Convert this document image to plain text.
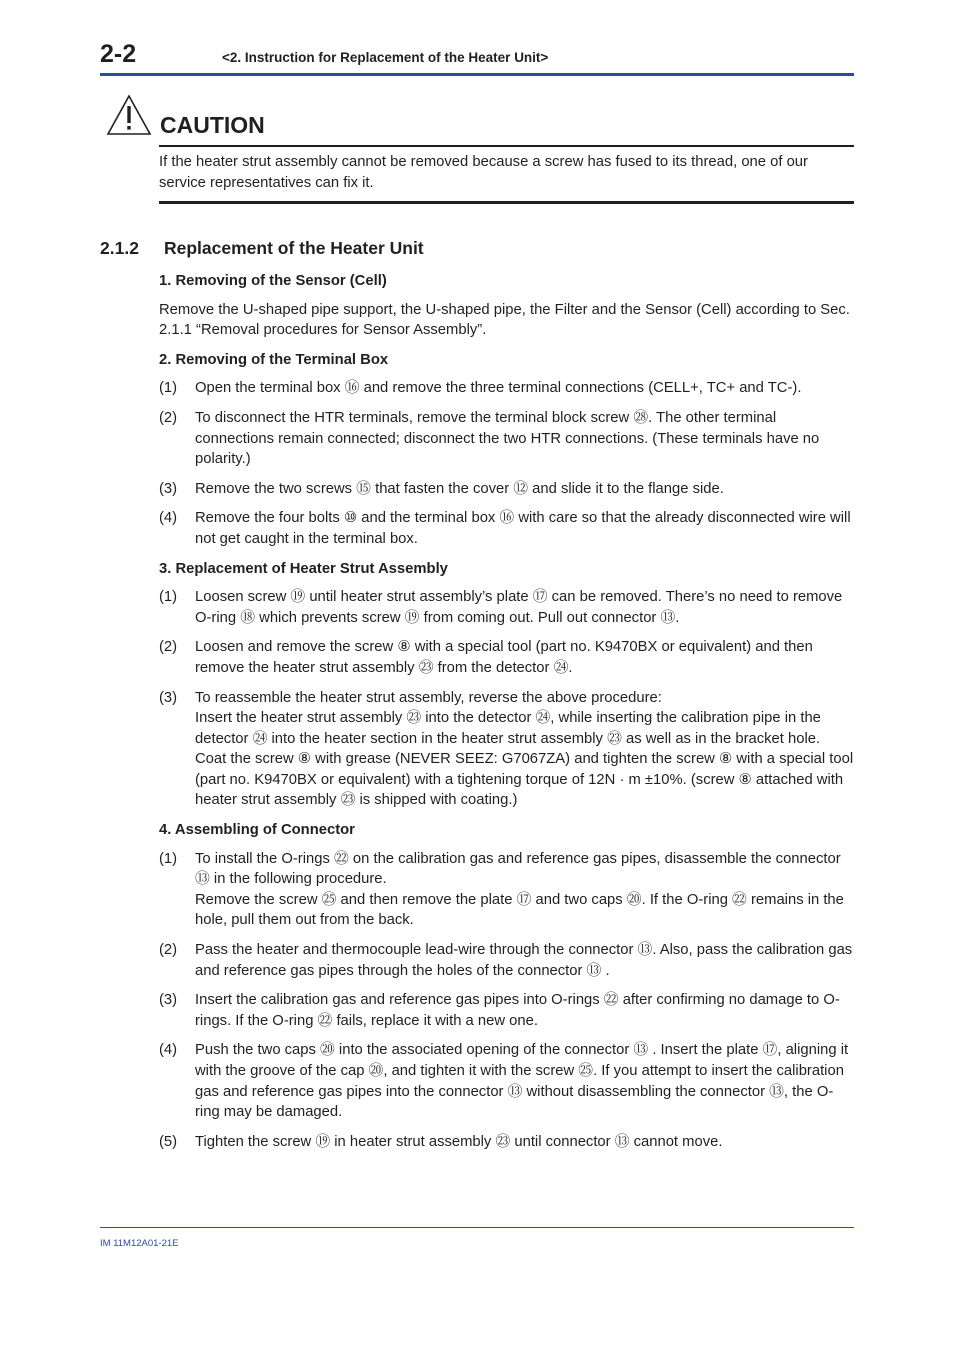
2-2	<2. Instruction for Replacement of the Heater Unit>
CAUTION
If the heater strut assembly cannot be removed because a screw has fused to its thread, one of our service representatives can fix it.
2.1.2 Replacement of the Heater Unit
1. Removing of the Sensor (Cell)
Remove the U-shaped pipe support, the U-shaped pipe, the Filter and the Sensor (Cell) according to Sec. 2.1.1 “Removal procedures for Sensor Assembly”.
2. Removing of the Terminal Box
(1)	Open the terminal box ⑯ and remove the three terminal connections (CELL+, TC+ and TC-).
(2)	To disconnect the HTR terminals, remove the terminal block screw ㉘. The other terminal connections remain connected; disconnect the two HTR connections. (These terminals have no polarity.)
(3)	Remove the two screws ⑮ that fasten the cover ⑫ and slide it to the flange side.
(4)	Remove the four bolts ⑩ and the terminal box ⑯ with care so that the already disconnected wire will not get caught in the terminal box.
3. Replacement of Heater Strut Assembly
(1)	Loosen screw ⑲ until heater strut assembly’s plate ⑰ can be removed. There’s no need to remove O-ring ⑱ which prevents screw ⑲ from coming out. Pull out connector ⑬.
(2)	Loosen and remove the screw ⑧ with a special tool (part no. K9470BX or equivalent) and then remove the heater strut assembly ㉓ from the detector ㉔.
(3)	To reassemble the heater strut assembly, reverse the above procedure:
Insert the heater strut assembly ㉓ into the detector ㉔, while inserting the calibration pipe in the detector ㉔ into the heater section in the heater strut assembly ㉓ as well as in the bracket hole. Coat the screw ⑧ with grease (NEVER SEEZ: G7067ZA) and tighten the screw ⑧ with a special tool (part no. K9470BX or equivalent) with a tightening torque of 12N · m ±10%. (screw ⑧ attached with heater strut assembly ㉓ is shipped with coating.)
4. Assembling of Connector
(1)	To install the O-rings ㉒ on the calibration gas and reference gas pipes, disassemble the connector ⑬ in the following procedure.
Remove the screw ㉕ and then remove the plate ⑰ and two caps ⑳. If the O-ring ㉒ remains in the hole, pull them out from the back.
(2)	Pass the heater and thermocouple lead-wire through the connector ⑬. Also, pass the calibration gas and reference gas pipes through the holes of the connector ⑬ .
(3)	Insert the calibration gas and reference gas pipes into O-rings ㉒ after confirming no damage to O-rings. If the O-ring ㉒ fails, replace it with a new one.
(4)	Push the two caps ⑳ into the associated opening of the connector ⑬ . Insert the plate ⑰, aligning it with the groove of the cap ⑳, and tighten it with the screw ㉕. If you attempt to insert the calibration gas and reference gas pipes into the connector ⑬ without disassembling the connector ⑬, the O-ring may be damaged.
(5)	Tighten the screw ⑲ in heater strut assembly ㉓ until connector ⑬ cannot move.
IM 11M12A01-21E
